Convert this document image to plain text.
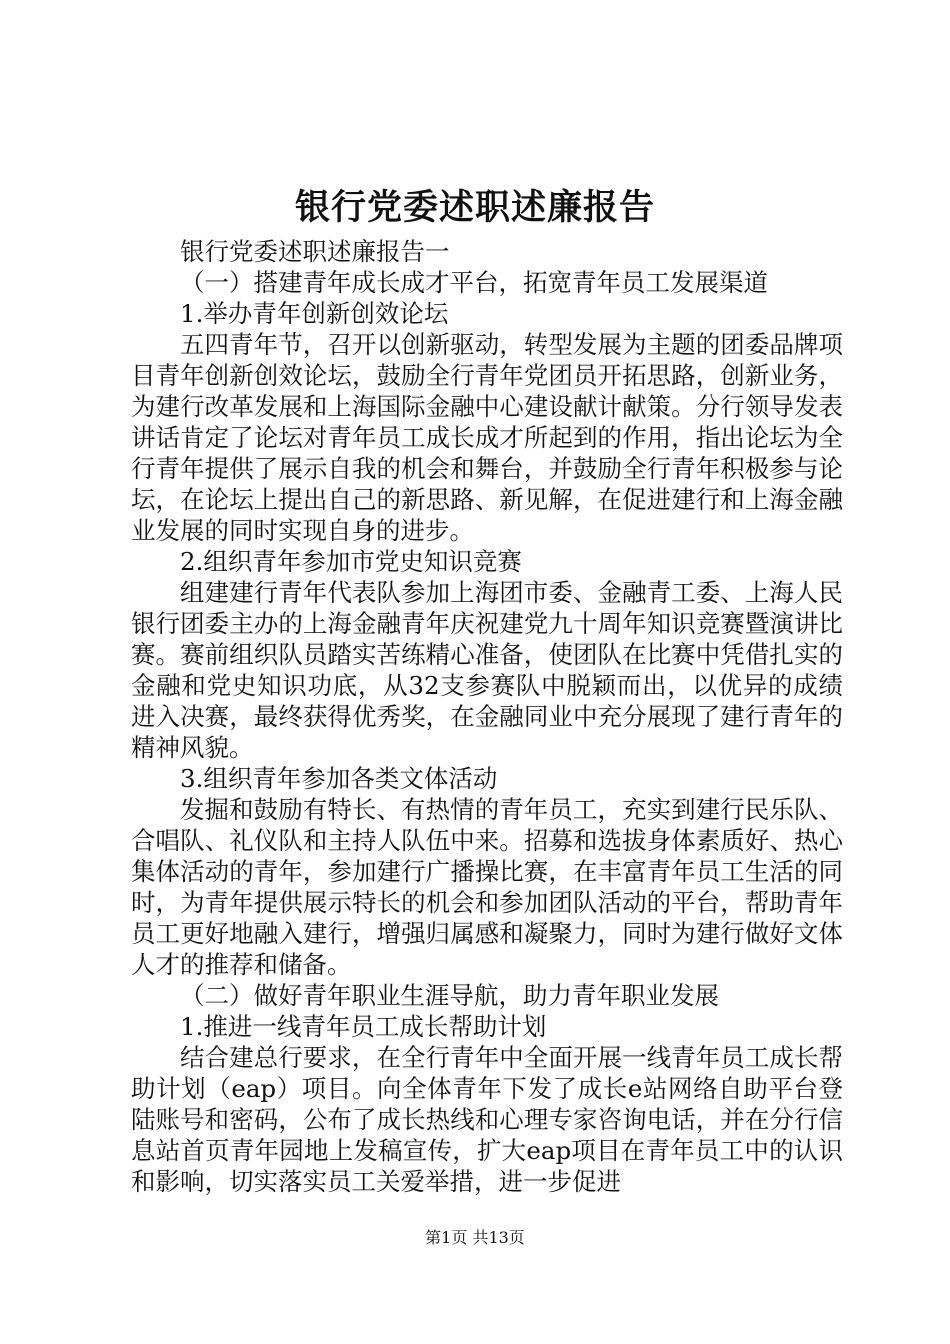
银行党委述职述廉报告

银行党委述职述廉报告一

（一）搭建青年成长成才平台，拓宽青年员工发展渠道

1.举办青年创新创效论坛

五四青年节，召开以创新驱动，转型发展为主题的团委品牌项目青年创新创效论坛，鼓励全行青年党团员开拓思路，创新业务，为建行改革发展和上海国际金融中心建设献计献策。分行领导发表讲话肯定了论坛对青年员工成长成才所起到的作用，指出论坛为全行青年提供了展示自我的机会和舞台，并鼓励全行青年积极参与论坛，在论坛上提出自己的新思路、新见解，在促进建行和上海金融业发展的同时实现自身的进步。

2.组织青年参加市党史知识竞赛

组建建行青年代表队参加上海团市委、金融青工委、上海人民银行团委主办的上海金融青年庆祝建党九十周年知识竞赛暨演讲比赛。赛前组织队员踏实苦练精心准备，使团队在比赛中凭借扎实的金融和党史知识功底，从32支参赛队中脱颖而出，以优异的成绩进入决赛，最终获得优秀奖，在金融同业中充分展现了建行青年的精神风貌。

3.组织青年参加各类文体活动

发掘和鼓励有特长、有热情的青年员工，充实到建行民乐队、合唱队、礼仪队和主持人队伍中来。招募和选拔身体素质好、热心集体活动的青年，参加建行广播操比赛，在丰富青年员工生活的同时，为青年提供展示特长的机会和参加团队活动的平台，帮助青年员工更好地融入建行，增强归属感和凝聚力，同时为建行做好文体人才的推荐和储备。

（二）做好青年职业生涯导航，助力青年职业发展

1.推进一线青年员工成长帮助计划

结合建总行要求，在全行青年中全面开展一线青年员工成长帮助计划（eap）项目。向全体青年下发了成长e站网络自助平台登陆账号和密码，公布了成长热线和心理专家咨询电话，并在分行信息站首页青年园地上发稿宣传，扩大eap项目在青年员工中的认识和影响，切实落实员工关爱举措，进一步促进

第1页 共13页
